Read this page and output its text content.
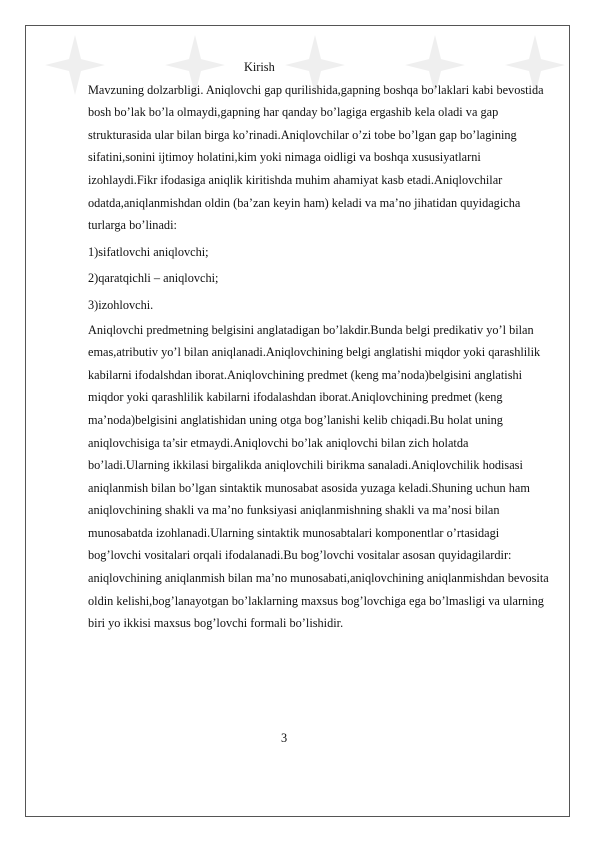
Kirish

Mavzuning dolzarbligi. Aniqlovchi gap qurilishida,gapning boshqa bo’laklari kabi bevostida bosh bo’lak bo’la olmaydi,gapning har qanday bo’lagiga ergashib kela oladi va gap strukturasida ular bilan birga ko’rinadi.Aniqlovchilar o’zi tobe bo’lgan gap bo’lagining sifatini,sonini ijtimoy holatini,kim yoki nimaga oidligi va boshqa xususiyatlarni izohlaydi.Fikr ifodasiga aniqlik kiritishda muhim ahamiyat kasb etadi.Aniqlovchilar odatda,aniqlanmishdan oldin (ba’zan keyin ham) keladi va ma’no jihatidan quyidagicha turlarga bo’linadi:

1)sifatlovchi aniqlovchi;

2)qaratqichli – aniqlovchi;

3)izohlovchi.

Aniqlovchi predmetning belgisini anglatadigan bo’lakdir.Bunda belgi predikativ yo’l bilan emas,atributiv yo’l bilan aniqlanadi.Aniqlovchining belgi anglatishi miqdor yoki qarashlilik kabilarni ifodalshdan iborat.Aniqlovchining predmet (keng ma’noda)belgisini anglatishi miqdor yoki qarashlilik kabilarni ifodalashdan iborat.Aniqlovchining predmet (keng ma’noda)belgisini anglatishidan uning otga bog’lanishi kelib chiqadi.Bu holat uning aniqlovchisiga ta’sir etmaydi.Aniqlovchi bo’lak aniqlovchi bilan zich holatda bo’ladi.Ularning ikkilasi birgalikda aniqlovchili birikma sanaladi.Aniqlovchilik hodisasi aniqlanmish bilan bo’lgan sintaktik munosabat asosida yuzaga keladi.Shuning uchun ham aniqlovchining shakli va ma’no funksiyasi aniqlanmishning shakli va ma’nosi bilan munosabatda izohlanadi.Ularning sintaktik munosabtalari komponentlar o’rtasidagi bog’lovchi vositalari orqali ifodalanadi.Bu bog’lovchi vositalar asosan quyidagilardir: aniqlovchining aniqlanmish bilan ma’no munosabati,aniqlovchining aniqlanmishdan bevosita oldin kelishi,bog’lanayotgan bo’laklarning maxsus bog’lovchiga ega bo’lmasligi va ularning biri yo ikkisi maxsus bog’lovchi formali bo’lishidir.

3
